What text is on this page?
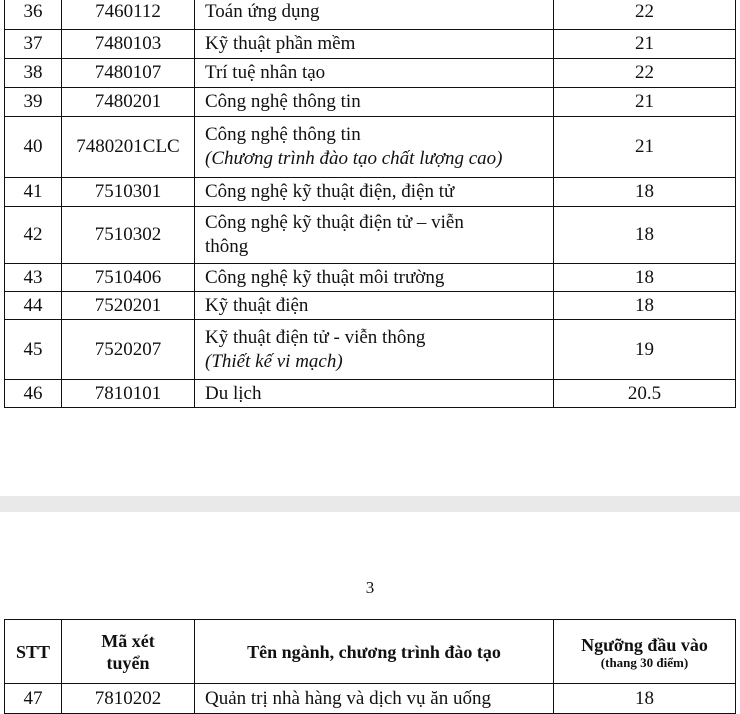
36	7460112	Toán ứng dụng	22
37	7480103	Kỹ thuật phần mềm	21
38	7480107	Trí tuệ nhân tạo	22
39	7480201	Công nghệ thông tin	21
40	7480201CLC	Công nghệ thông tin
(Chương trình đào tạo chất lượng cao)	21
41	7510301	Công nghệ kỹ thuật điện, điện tử	18
42	7510302	Công nghệ kỹ thuật điện tử – viễn thông	18
43	7510406	Công nghệ kỹ thuật môi trường	18
44	7520201	Kỹ thuật điện	18
45	7520207	Kỹ thuật điện tử - viễn thông
(Thiết kế vi mạch)	19
46	7810101	Du lịch	20.5
3
STT	Mã xét tuyển	Tên ngành, chương trình đào tạo	Ngưỡng đầu vào
(thang 30 điểm)

47	7810202	Quản trị nhà hàng và dịch vụ ăn uống	18
